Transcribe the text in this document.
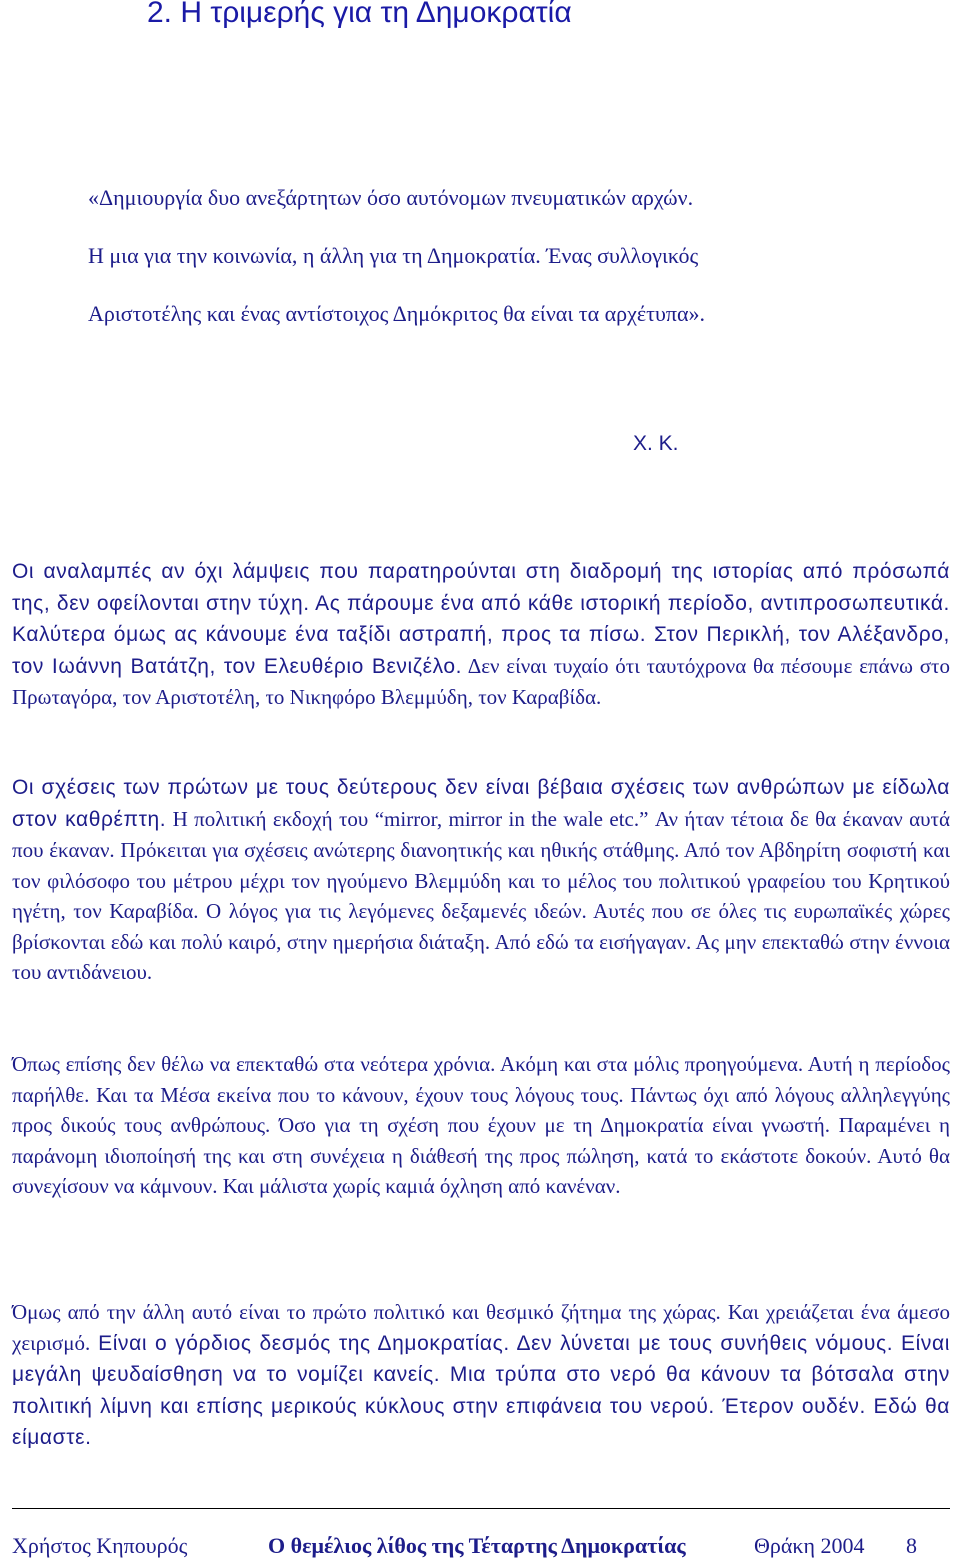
2. Η τριμερής για τη Δημοκρατία

«Δημιουργία δυο ανεξάρτητων όσο αυτόνομων πνευματικών αρχών.

Η μια για την κοινωνία, η άλλη για τη Δημοκρατία. Ένας συλλογικός

Αριστοτέλης και ένας αντίστοιχος Δημόκριτος θα είναι τα αρχέτυπα».

Χ. Κ.

Οι αναλαμπές αν όχι λάμψεις που παρατηρούνται στη διαδρομή της ιστορίας από πρόσωπά της, δεν οφείλονται στην τύχη. Ας πάρουμε ένα από κάθε ιστορική περίοδο, αντιπροσωπευτικά. Καλύτερα όμως ας κάνουμε ένα ταξίδι αστραπή, προς τα πίσω. Στον Περικλή, τον Αλέξανδρο, τον Ιωάννη Βατάτζη, τον Ελευθέριο Βενιζέλο. Δεν είναι τυχαίο ότι ταυτόχρονα θα πέσουμε επάνω στο Πρωταγόρα, τον Αριστοτέλη, το Νικηφόρο Βλεμμύδη, τον Καραβίδα.

Οι σχέσεις των πρώτων με τους δεύτερους δεν είναι βέβαια σχέσεις των ανθρώπων με είδωλα στον καθρέπτη. Η πολιτική εκδοχή του “mirror, mirror in the wale etc.” Αν ήταν τέτοια δε θα έκαναν αυτά που έκαναν. Πρόκειται για σχέσεις ανώτερης διανοητικής και ηθικής στάθμης. Από τον Αβδηρίτη σοφιστή και τον φιλόσοφο του μέτρου μέχρι τον ηγούμενο Βλεμμύδη και το μέλος του πολιτικού γραφείου του Κρητικού ηγέτη, τον Καραβίδα. Ο λόγος για τις λεγόμενες δεξαμενές ιδεών. Αυτές που σε όλες τις ευρωπαϊκές χώρες βρίσκονται εδώ και πολύ καιρό, στην ημερήσια διάταξη. Από εδώ τα εισήγαγαν. Ας μην επεκταθώ στην έννοια του αντιδάνειου.

Όπως επίσης δεν θέλω να επεκταθώ στα νεότερα χρόνια. Ακόμη και στα μόλις προηγούμενα. Αυτή η περίοδος παρήλθε. Και τα Μέσα εκείνα που το κάνουν, έχουν τους λόγους τους. Πάντως όχι από λόγους αλληλεγγύης προς δικούς τους ανθρώπους. Όσο για τη σχέση που έχουν με τη Δημοκρατία είναι γνωστή. Παραμένει η παράνομη ιδιοποίησή της και στη συνέχεια η διάθεσή της προς πώληση, κατά το εκάστοτε δοκούν. Αυτό θα συνεχίσουν να κάμνουν. Και μάλιστα χωρίς καμιά όχληση από κανέναν.

Όμως από την άλλη αυτό είναι το πρώτο πολιτικό και θεσμικό ζήτημα της χώρας. Και χρειάζεται ένα άμεσο χειρισμό. Είναι ο γόρδιος δεσμός της Δημοκρατίας. Δεν λύνεται με τους συνήθεις νόμους. Είναι μεγάλη ψευδαίσθηση να το νομίζει κανείς. Μια τρύπα στο νερό θα κάνουν τα βότσαλα στην πολιτική λίμνη και επίσης μερικούς κύκλους στην επιφάνεια του νερού. Έτερον ουδέν. Εδώ θα είμαστε.

Χρήστος Κηπουρός	Ο θεμέλιος λίθος της Τέταρτης Δημοκρατίας	Θράκη 2004 8
